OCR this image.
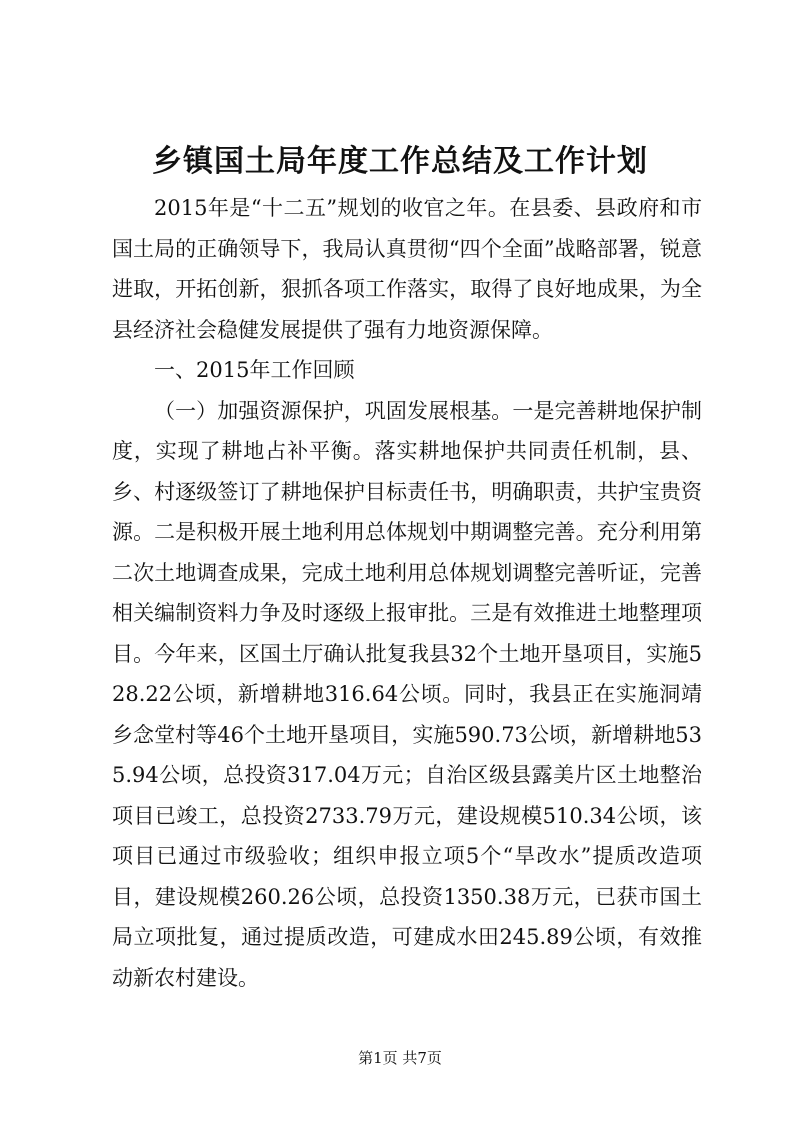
乡镇国土局年度工作总结及工作计划

2015年是“十二五”规划的收官之年。在县委、县政府和市国土局的正确领导下，我局认真贯彻“四个全面”战略部署，锐意进取，开拓创新，狠抓各项工作落实，取得了良好地成果，为全县经济社会稳健发展提供了强有力地资源保障。

一、2015年工作回顾

（一）加强资源保护，巩固发展根基。一是完善耕地保护制度，实现了耕地占补平衡。落实耕地保护共同责任机制，县、乡、村逐级签订了耕地保护目标责任书，明确职责，共护宝贵资源。二是积极开展土地利用总体规划中期调整完善。充分利用第二次土地调查成果，完成土地利用总体规划调整完善听证，完善相关编制资料力争及时逐级上报审批。三是有效推进土地整理项目。今年来，区国土厅确认批复我县32个土地开垦项目，实施528.22公顷，新增耕地316.64公顷。同时，我县正在实施洞靖乡念堂村等46个土地开垦项目，实施590.73公顷，新增耕地535.94公顷，总投资317.04万元；自治区级县露美片区土地整治项目已竣工，总投资2733.79万元，建设规模510.34公顷，该项目已通过市级验收；组织申报立项5个“旱改水”提质改造项目，建设规模260.26公顷，总投资1350.38万元，已获市国土局立项批复，通过提质改造，可建成水田245.89公顷，有效推动新农村建设。

第1页 共7页
